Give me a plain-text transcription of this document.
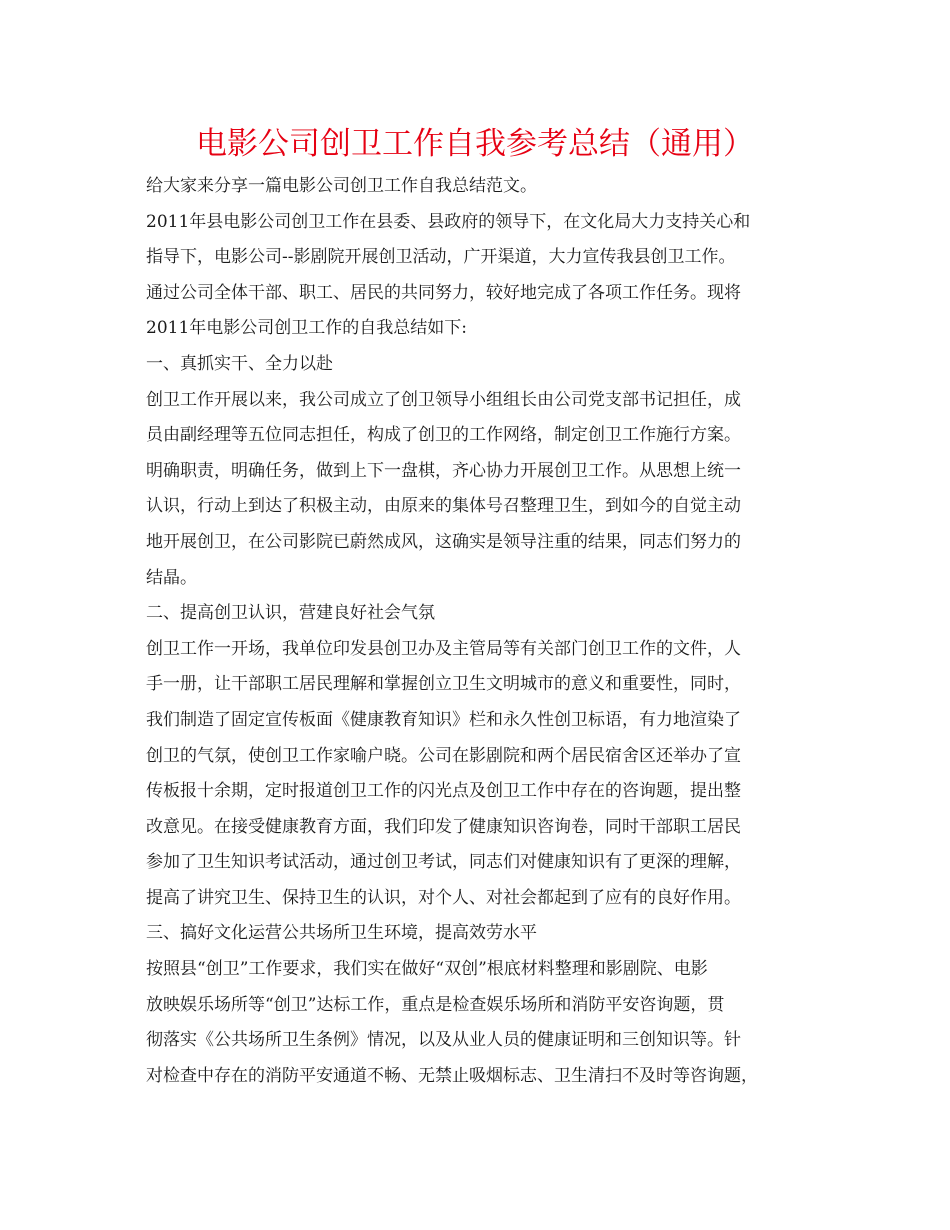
电影公司创卫工作自我参考总结（通用）
给大家来分享一篇电影公司创卫工作自我总结范文。
2011年县电影公司创卫工作在县委、县政府的领导下，在文化局大力支持关心和
指导下，电影公司--影剧院开展创卫活动，广开渠道，大力宣传我县创卫工作。
通过公司全体干部、职工、居民的共同努力，较好地完成了各项工作任务。现将
2011年电影公司创卫工作的自我总结如下:
一、真抓实干、全力以赴
创卫工作开展以来，我公司成立了创卫领导小组组长由公司党支部书记担任，成
员由副经理等五位同志担任，构成了创卫的工作网络，制定创卫工作施行方案。
明确职责，明确任务，做到上下一盘棋，齐心协力开展创卫工作。从思想上统一
认识，行动上到达了积极主动，由原来的集体号召整理卫生，到如今的自觉主动
地开展创卫，在公司影院已蔚然成风，这确实是领导注重的结果，同志们努力的
结晶。
二、提高创卫认识，营建良好社会气氛
创卫工作一开场，我单位印发县创卫办及主管局等有关部门创卫工作的文件，人
手一册，让干部职工居民理解和掌握创立卫生文明城市的意义和重要性，同时，
我们制造了固定宣传板面《健康教育知识》栏和永久性创卫标语，有力地渲染了
创卫的气氛，使创卫工作家喻户晓。公司在影剧院和两个居民宿舍区还举办了宣
传板报十余期，定时报道创卫工作的闪光点及创卫工作中存在的咨询题，提出整
改意见。在接受健康教育方面，我们印发了健康知识咨询卷，同时干部职工居民
参加了卫生知识考试活动，通过创卫考试，同志们对健康知识有了更深的理解，
提高了讲究卫生、保持卫生的认识，对个人、对社会都起到了应有的良好作用。
三、搞好文化运营公共场所卫生环境，提高效劳水平
按照县“创卫”工作要求，我们实在做好“双创”根底材料整理和影剧院、电影
放映娱乐场所等“创卫”达标工作，重点是检查娱乐场所和消防平安咨询题，贯
彻落实《公共场所卫生条例》情况，以及从业人员的健康证明和三创知识等。针
对检查中存在的消防平安通道不畅、无禁止吸烟标志、卫生清扫不及时等咨询题，
